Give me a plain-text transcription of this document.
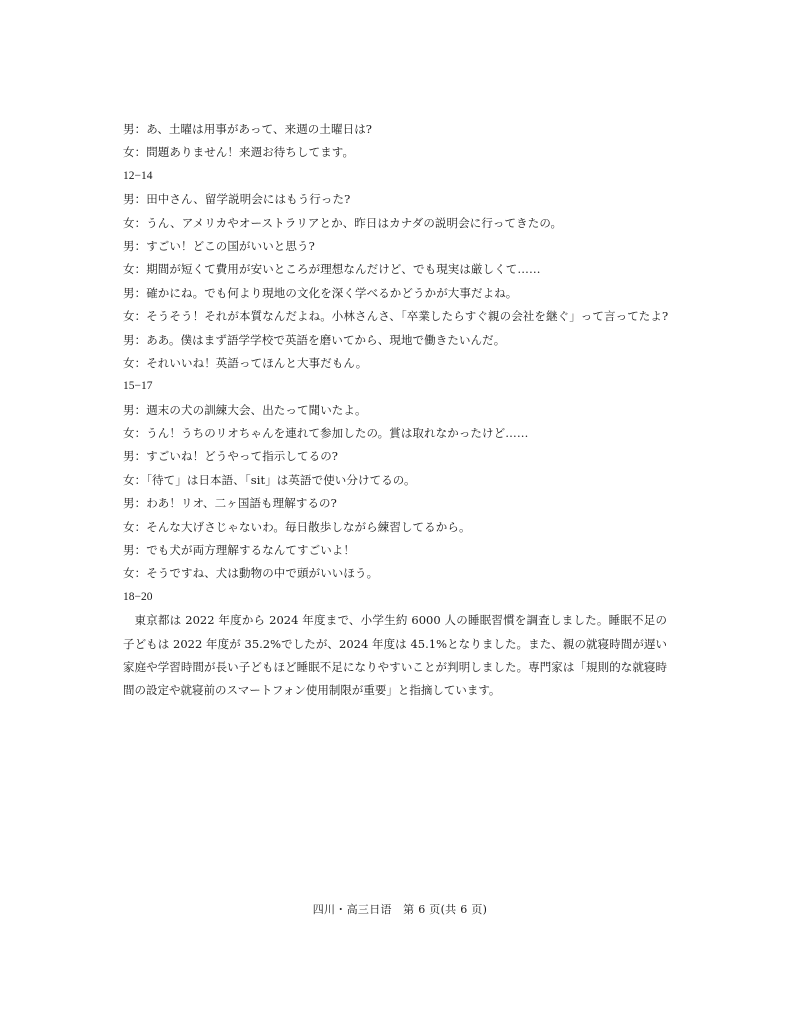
男：あ、土曜は用事があって、来週の土曜日は?
女：問題ありません！来週お待ちしてます。
12−14
男：田中さん、留学説明会にはもう行った?
女：うん、アメリカやオーストラリアとか、昨日はカナダの説明会に行ってきたの。
男：すごい！どこの国がいいと思う?
女：期間が短くて費用が安いところが理想なんだけど、でも現実は厳しくて……
男：確かにね。でも何より現地の文化を深く学べるかどうかが大事だよね。
女：そうそう！それが本質なんだよね。小林さんさ、「卒業したらすぐ親の会社を継ぐ」って言ってたよ?
男：ああ。僕はまず語学学校で英語を磨いてから、現地で働きたいんだ。
女：それいいね！英語ってほんと大事だもん。
15−17
男：週末の犬の訓練大会、出たって聞いたよ。
女：うん！うちのリオちゃんを連れて参加したの。賞は取れなかったけど……
男：すごいね！どうやって指示してるの?
女：「待て」は日本語、「sit」は英語で使い分けてるの。
男：わあ！リオ、二ヶ国語も理解するの?
女：そんな大げさじゃないわ。毎日散歩しながら練習してるから。
男：でも犬が両方理解するなんてすごいよ！
女：そうですね、犬は動物の中で頭がいいほう。
18−20
東京都は 2022 年度から 2024 年度まで、小学生約 6000 人の睡眠習慣を調査しました。睡眠不足の子どもは 2022 年度が 35.2%でしたが、2024 年度は 45.1%となりました。また、親の就寝時間が遅い家庭や学習時間が長い子どもほど睡眠不足になりやすいことが判明しました。専門家は「規則的な就寝時間の設定や就寝前のスマートフォン使用制限が重要」と指摘しています。
四川・高三日语　第 6 页(共 6 页)
